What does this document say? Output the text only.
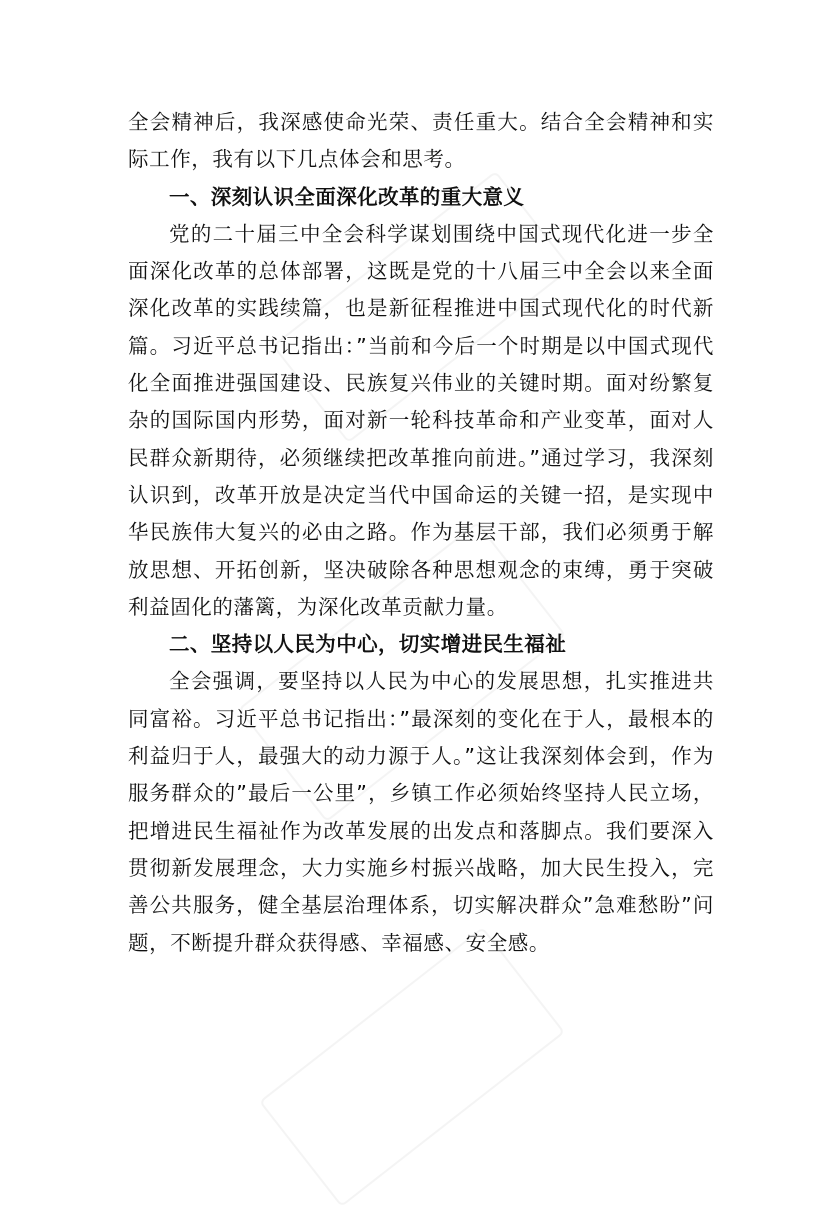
全会精神后，我深感使命光荣、责任重大。结合全会精神和实际工作，我有以下几点体会和思考。

一、深刻认识全面深化改革的重大意义

党的二十届三中全会科学谋划围绕中国式现代化进一步全面深化改革的总体部署，这既是党的十八届三中全会以来全面深化改革的实践续篇，也是新征程推进中国式现代化的时代新篇。习近平总书记指出：”当前和今后一个时期是以中国式现代化全面推进强国建设、民族复兴伟业的关键时期。面对纷繁复杂的国际国内形势，面对新一轮科技革命和产业变革，面对人民群众新期待，必须继续把改革推向前进。”通过学习，我深刻认识到，改革开放是决定当代中国命运的关键一招，是实现中华民族伟大复兴的必由之路。作为基层干部，我们必须勇于解放思想、开拓创新，坚决破除各种思想观念的束缚，勇于突破利益固化的藩篱，为深化改革贡献力量。

二、坚持以人民为中心，切实增进民生福祉

全会强调，要坚持以人民为中心的发展思想，扎实推进共同富裕。习近平总书记指出：”最深刻的变化在于人，最根本的利益归于人，最强大的动力源于人。”这让我深刻体会到，作为服务群众的”最后一公里”，乡镇工作必须始终坚持人民立场，把增进民生福祉作为改革发展的出发点和落脚点。我们要深入贯彻新发展理念，大力实施乡村振兴战略，加大民生投入，完善公共服务，健全基层治理体系，切实解决群众”急难愁盼”问题，不断提升群众获得感、幸福感、安全感。
